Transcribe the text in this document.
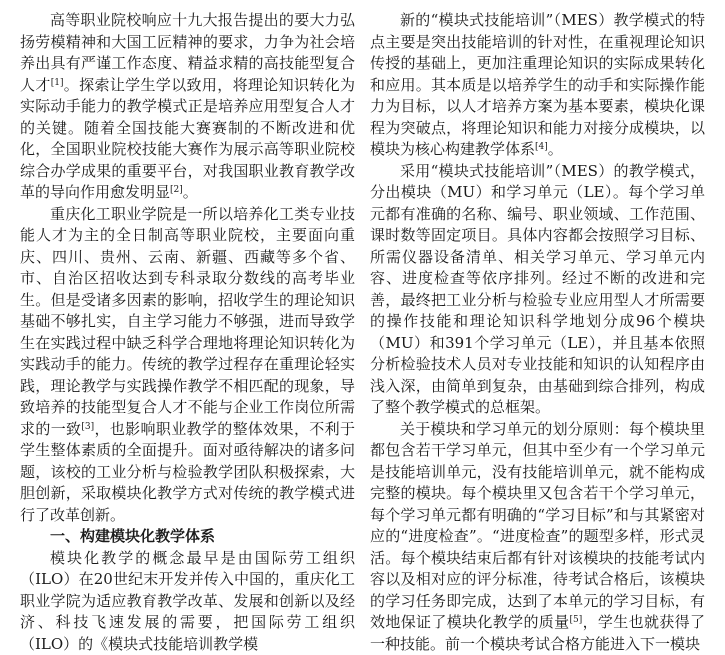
高等职业院校响应十九大报告提出的要大力弘扬劳模精神和大国工匠精神的要求，力争为社会培养出具有严谨工作态度、精益求精的高技能型复合人才[1]。探索让学生学以致用，将理论知识转化为实际动手能力的教学模式正是培养应用型复合人才的关键。随着全国技能大赛赛制的不断改进和优化，全国职业院校技能大赛作为展示高等职业院校综合办学成果的重要平台，对我国职业教育教学改革的导向作用愈发明显[2]。

重庆化工职业学院是一所以培养化工类专业技能人才为主的全日制高等职业院校，主要面向重庆、四川、贵州、云南、新疆、西藏等多个省、市、自治区招收达到专科录取分数线的高考毕业生。但是受诸多因素的影响，招收学生的理论知识基础不够扎实，自主学习能力不够强，进而导致学生在实践过程中缺乏科学合理地将理论知识转化为实践动手的能力。传统的教学过程存在重理论轻实践，理论教学与实践操作教学不相匹配的现象，导致培养的技能型复合人才不能与企业工作岗位所需求的一致[3]，也影响职业教学的整体效果，不利于学生整体素质的全面提升。面对亟待解决的诸多问题，该校的工业分析与检验教学团队积极探索，大胆创新，采取模块化教学方式对传统的教学模式进行了改革创新。

一、构建模块化教学体系

模块化教学的概念最早是由国际劳工组织（ILO）在20世纪末开发并传入中国的，重庆化工职业学院为适应教育教学改革、发展和创新以及经济、科技飞速发展的需要，把国际劳工组织（ILO）的《模块式技能培训教学模

新的“模块式技能培训”（MES）教学模式的特点主要是突出技能培训的针对性，在重视理论知识传授的基础上，更加注重理论知识的实际成果转化和应用。其本质是以培养学生的动手和实际操作能力为目标，以人才培养方案为基本要素，模块化课程为突破点，将理论知识和能力对接分成模块，以模块为核心构建教学体系[4]。

采用“模块式技能培训”（MES）的教学模式，分出模块（MU）和学习单元（LE）。每个学习单元都有准确的名称、编号、职业领域、工作范围、课时数等固定项目。具体内容都会按照学习目标、所需仪器设备清单、相关学习单元、学习单元内容、进度检查等依序排列。经过不断的改进和完善，最终把工业分析与检验专业应用型人才所需要的操作技能和理论知识科学地划分成96个模块（MU）和391个学习单元（LE），并且基本依照分析检验技术人员对专业技能和知识的认知程序由浅入深，由简单到复杂，由基础到综合排列，构成了整个教学模式的总框架。

关于模块和学习单元的划分原则：每个模块里都包含若干学习单元，但其中至少有一个学习单元是技能培训单元，没有技能培训单元，就不能构成完整的模块。每个模块里又包含若干个学习单元，每个学习单元都有明确的“学习目标”和与其紧密对应的“进度检查”。“进度检查”的题型多样，形式灵活。每个模块结束后都有针对该模块的技能考试内容以及相对应的评分标准，待考试合格后，该模块的学习任务即完成，达到了本单元的学习目标，有效地保证了模块化教学的质量[5]，学生也就获得了一种技能。前一个模块考试合格方能进入下一模块
